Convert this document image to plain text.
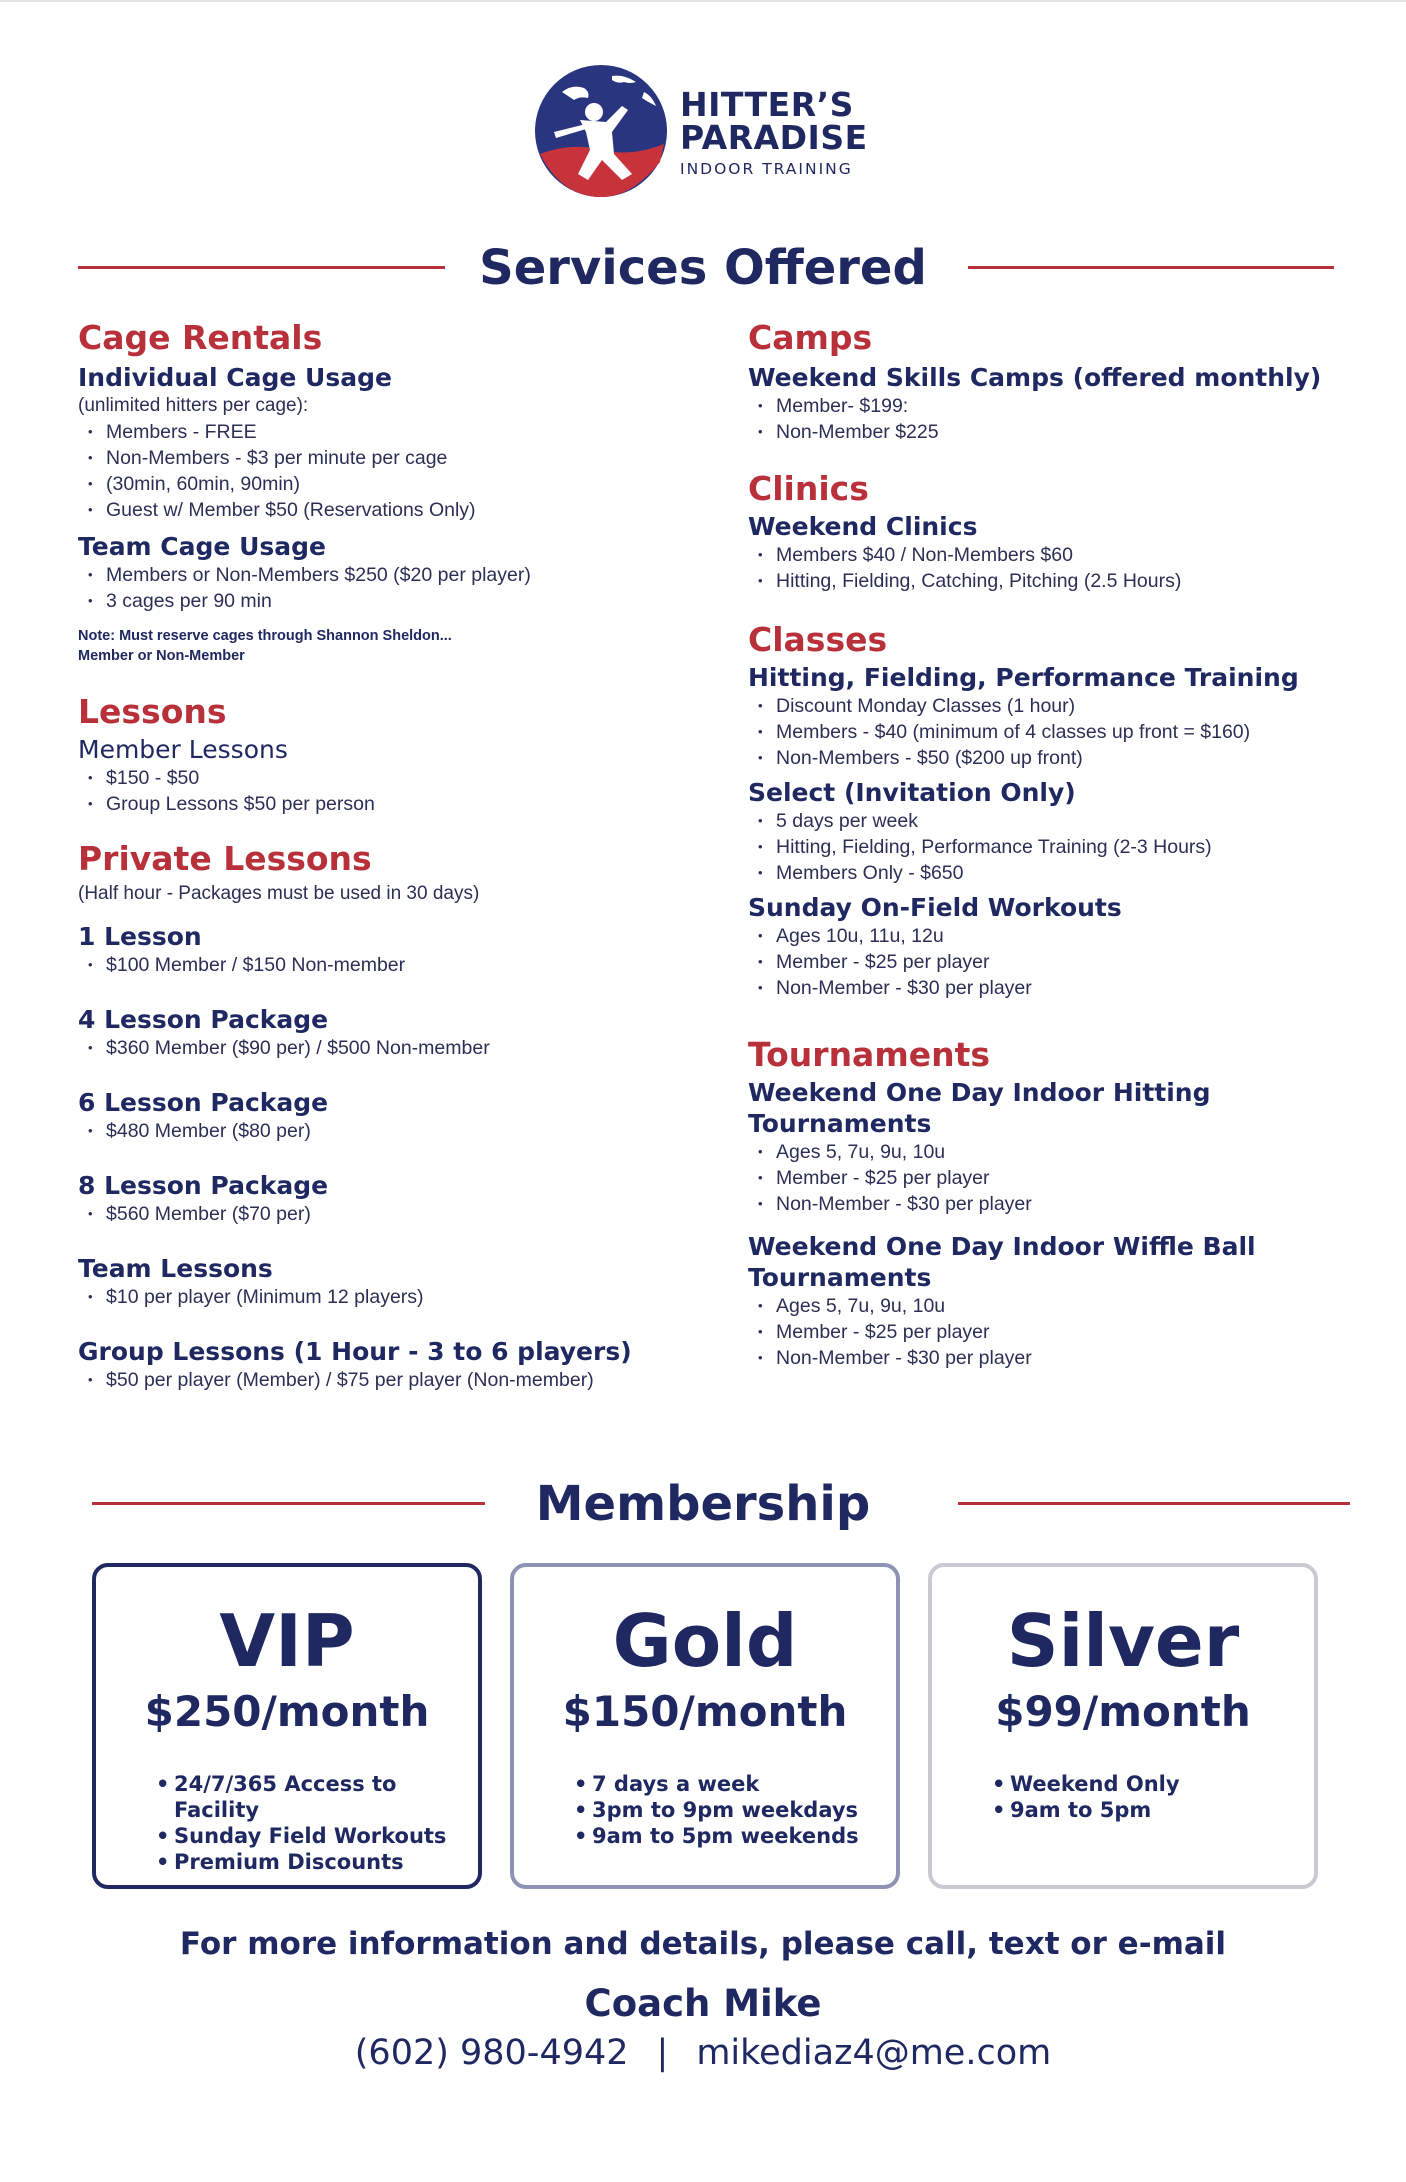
HITTER’S
PARADISE
INDOOR TRAINING
Services Offered
Cage Rentals
Individual Cage Usage
(unlimited hitters per cage):
• Members - FREE
• Non-Members - $3 per minute per cage
• (30min, 60min, 90min)
• Guest w/ Member $50 (Reservations Only)
Team Cage Usage
• Members or Non-Members $250 ($20 per player)
• 3 cages per 90 min
Note: Must reserve cages through Shannon Sheldon...
Member or Non-Member
Lessons
Member Lessons
• $150 - $50
• Group Lessons $50 per person
Private Lessons
(Half hour - Packages must be used in 30 days)
1 Lesson
• $100 Member / $150 Non-member
4 Lesson Package
• $360 Member ($90 per) / $500 Non-member
6 Lesson Package
• $480 Member ($80 per)
8 Lesson Package
• $560 Member ($70 per)
Team Lessons
• $10 per player (Minimum 12 players)
Group Lessons (1 Hour - 3 to 6 players)
• $50 per player (Member) / $75 per player (Non-member)
Camps
Weekend Skills Camps (offered monthly)
• Member- $199:
• Non-Member $225
Clinics
Weekend Clinics
• Members $40 / Non-Members $60
• Hitting, Fielding, Catching, Pitching (2.5 Hours)
Classes
Hitting, Fielding, Performance Training
• Discount Monday Classes (1 hour)
• Members - $40 (minimum of 4 classes up front = $160)
• Non-Members - $50 ($200 up front)
Select (Invitation Only)
• 5 days per week
• Hitting, Fielding, Performance Training (2-3 Hours)
• Members Only - $650
Sunday On-Field Workouts
• Ages 10u, 11u, 12u
• Member - $25 per player
• Non-Member - $30 per player
Tournaments
Weekend One Day Indoor Hitting
Tournaments
• Ages 5, 7u, 9u, 10u
• Member - $25 per player
• Non-Member - $30 per player
Weekend One Day Indoor Wiffle Ball
Tournaments
• Ages 5, 7u, 9u, 10u
• Member - $25 per player
• Non-Member - $30 per player
Membership
VIP
$250/month
• 24/7/365 Access to Facility
• Sunday Field Workouts
• Premium Discounts
Gold
$150/month
• 7 days a week
• 3pm to 9pm weekdays
• 9am to 5pm weekends
Silver
$99/month
• Weekend Only
• 9am to 5pm
For more information and details, please call, text or e-mail
Coach Mike
(602) 980-4942 | mikediaz4@me.com
